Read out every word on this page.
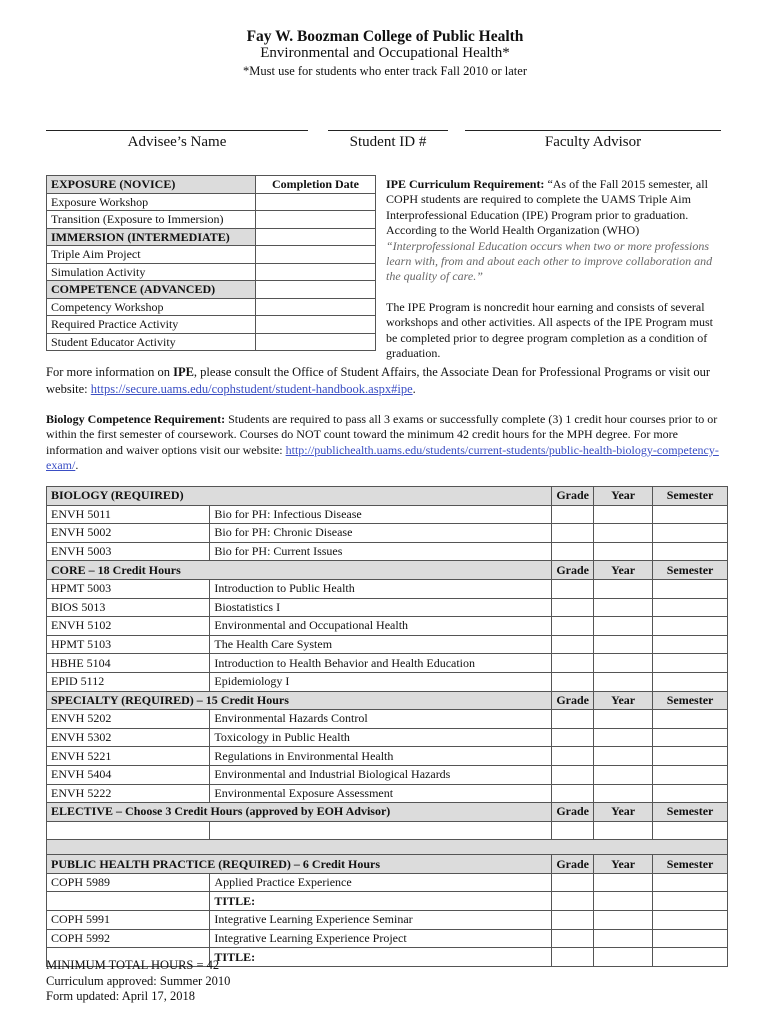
Fay W. Boozman College of Public Health
Environmental and Occupational Health*
*Must use for students who enter track Fall 2010 or later
Advisee’s Name	Student ID #	Faculty Advisor
EXPOSURE (NOVICE)	Completion Date
Exposure Workshop	
Transition (Exposure to Immersion)	
IMMERSION (INTERMEDIATE)	
Triple Aim Project	
Simulation Activity	
COMPETENCE (ADVANCED)	
Competency Workshop	
Required Practice Activity	
Student Educator Activity	

IPE Curriculum Requirement: “As of the Fall 2015 semester, all COPH students are required to complete the UAMS Triple Aim Interprofessional Education (IPE) Program prior to graduation. According to the World Health Organization (WHO)

“Interprofessional Education occurs when two or more professions learn with, from and about each other to improve collaboration and the quality of care.”

The IPE Program is noncredit hour earning and consists of several workshops and other activities. All aspects of the IPE Program must be completed prior to degree program completion as a condition of graduation.

For more information on IPE, please consult the Office of Student Affairs, the Associate Dean for Professional Programs or visit our website: https://secure.uams.edu/cophstudent/student-handbook.aspx#ipe.

Biology Competence Requirement: Students are required to pass all 3 exams or successfully complete (3) 1 credit hour courses prior to or within the first semester of coursework. Courses do NOT count toward the minimum 42 credit hours for the MPH degree. For more information and waiver options visit our website: http://publichealth.uams.edu/students/current-students/public-health-biology-competency-exam/.

BIOLOGY (REQUIRED)		Grade	Year	Semester
ENVH 5011	Bio for PH: Infectious Disease			
ENVH 5002	Bio for PH: Chronic Disease			
ENVH 5003	Bio for PH: Current Issues			
CORE – 18 Credit Hours		Grade	Year	Semester
HPMT 5003	Introduction to Public Health			
BIOS 5013	Biostatistics I			
ENVH 5102	Environmental and Occupational Health			
HPMT 5103	The Health Care System			
HBHE 5104	Introduction to Health Behavior and Health Education			
EPID 5112	Epidemiology I			
SPECIALTY (REQUIRED) – 15 Credit Hours		Grade	Year	Semester
ENVH 5202	Environmental Hazards Control			
ENVH 5302	Toxicology in Public Health			
ENVH 5221	Regulations in Environmental Health			
ENVH 5404	Environmental and Industrial Biological Hazards			
ENVH 5222	Environmental Exposure Assessment			
ELECTIVE – Choose 3 Credit Hours (approved by EOH Advisor)		Grade	Year	Semester

PUBLIC HEALTH PRACTICE (REQUIRED) – 6 Credit Hours		Grade	Year	Semester
COPH 5989	Applied Practice Experience			
	TITLE:			
COPH 5991	Integrative Learning Experience Seminar			
COPH 5992	Integrative Learning Experience Project			
	TITLE:			
MINIMUM TOTAL HOURS = 42
Curriculum approved: Summer 2010
Form updated: April 17, 2018
